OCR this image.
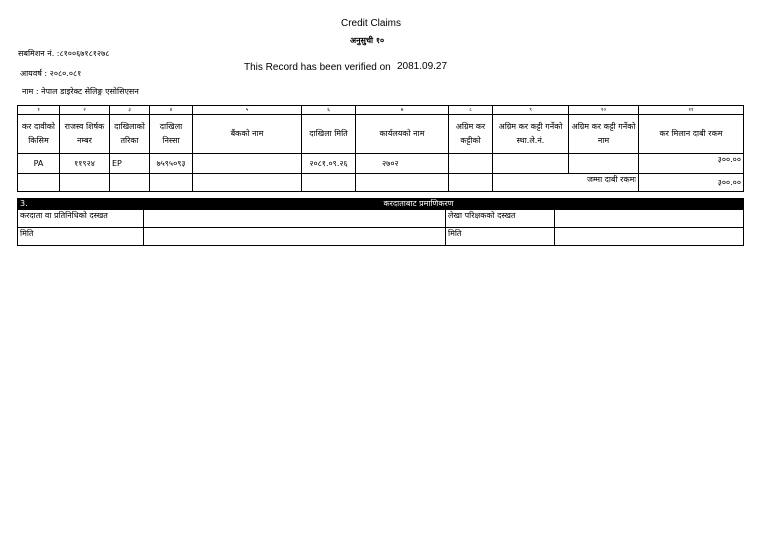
Credit Claims
अनुसुची १०
सबमिशन नं. :८१००६७१८१२७८
This Record has been verified on 2081.09.27
आयवर्ष : २०८०.०८१
नाम : नेपाल डाइरेक्ट सेलिङ्ग एसोसिएसन
१	२	३	४	५	६	७	८	९	१०	११
कर दावीको किसिम	राजस्व शिर्षक नम्बर	दाखिलाको तरिका	दाखिला निस्सा	बैंकको नाम	दाखिला मिति	कार्यलयको नाम	अग्रिम कर कट्टीको	अग्रिम कर कट्टी गर्नेको स्था.ले.नं.	अग्रिम कर कट्टी गर्नेको नाम	कर मिलान दाबी रकम
PA	११९२४	EP	७५९५०९३		२०८१.०९.२६	२७०२				३००.००
								जम्मा दाबी रकमः		३००.००
3.	करदाताबाट प्रमाणिकरण		
करदाता वा प्रतिनिधिको दस्खत		लेखा परिक्षकको दस्खत	
मिति		मिति	
